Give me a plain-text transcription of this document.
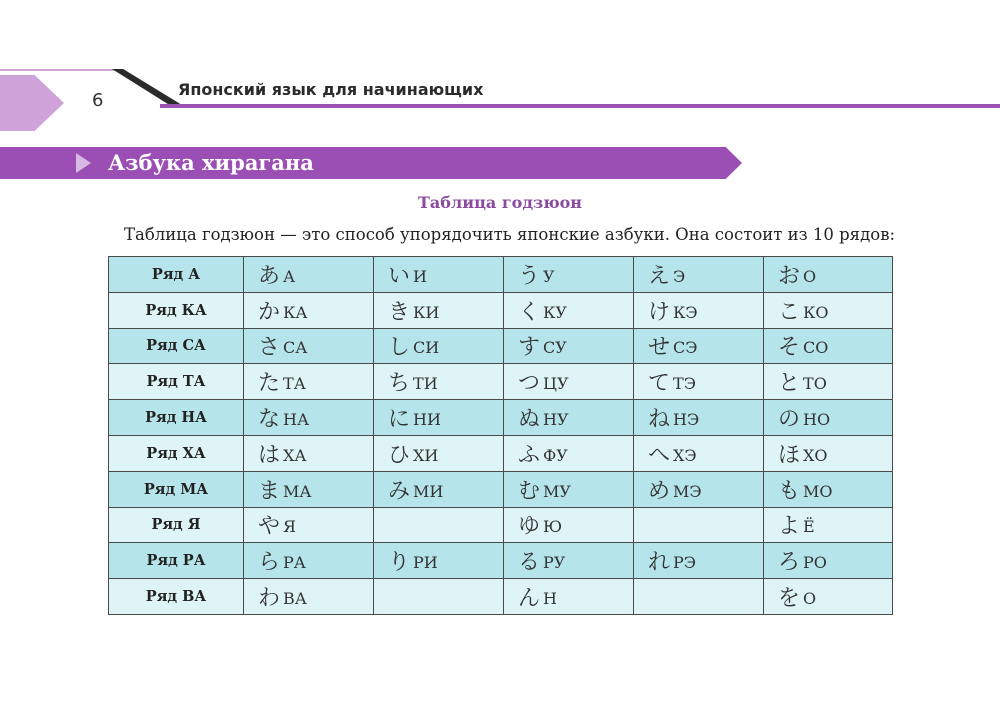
6
Японский язык для начинающих
Азбука хирагана
Таблица годзюон
Таблица годзюон — это способ упорядочить японские азбуки. Она состоит из 10 рядов:
Ряд А	あ А	い И	う У	え Э	お О
Ряд КА	か КА	き КИ	く КУ	け КЭ	こ КО
Ряд СА	さ СА	し СИ	す СУ	せ СЭ	そ СО
Ряд ТА	た ТА	ち ТИ	つ ЦУ	て ТЭ	と ТО
Ряд НА	な НА	に НИ	ぬ НУ	ね НЭ	の НО
Ряд ХА	は ХА	ひ ХИ	ふ ФУ	へ ХЭ	ほ ХО
Ряд МА	ま МА	み МИ	む МУ	め МЭ	も МО
Ряд Я	や Я		ゆ Ю		よ Ё
Ряд РА	ら РА	り РИ	る РУ	れ РЭ	ろ РО
Ряд ВА	わ ВА		ん Н		を О
